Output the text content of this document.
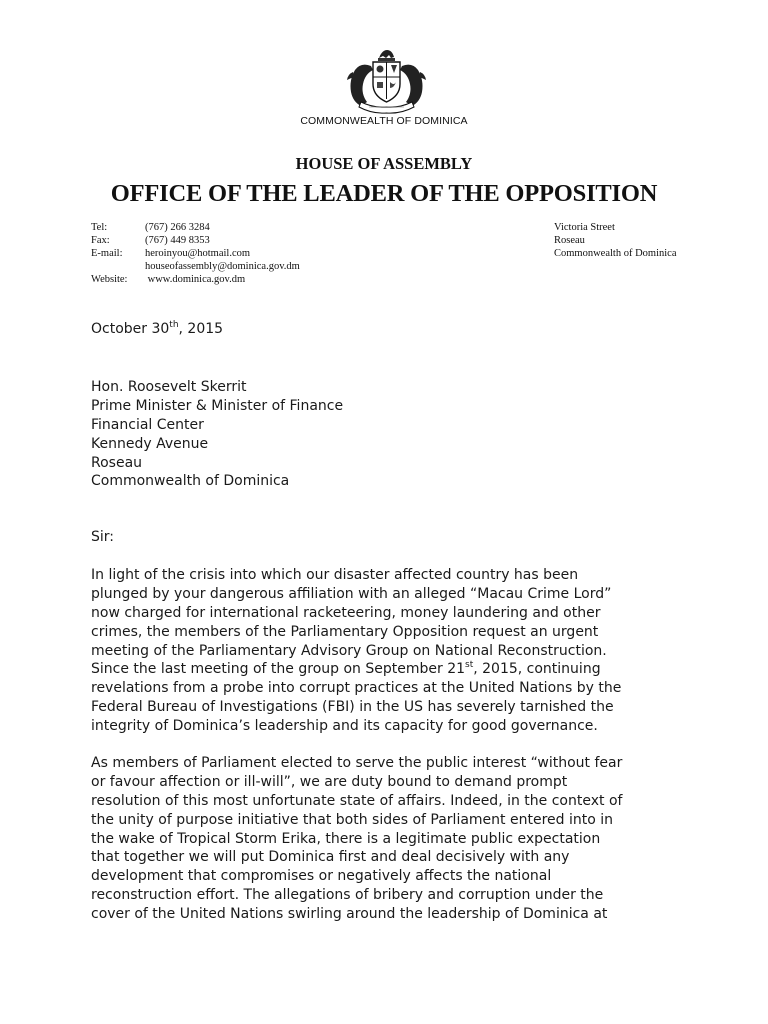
COMMONWEALTH OF DOMINICA
HOUSE OF ASSEMBLY
OFFICE OF THE LEADER OF THE OPPOSITION
Tel:	(767) 266 3284
Fax:	(767) 449 8353
E-mail:	heroinyou@hotmail.com
houseofassembly@dominica.gov.dm
Website:	www.dominica.gov.dm
Victoria Street
Roseau
Commonwealth of Dominica
October 30th, 2015
Hon. Roosevelt Skerrit
Prime Minister & Minister of Finance
Financial Center
Kennedy Avenue
Roseau
Commonwealth of Dominica
Sir:
In light of the crisis into which our disaster affected country has been
plunged by your dangerous affiliation with an alleged “Macau Crime Lord”
now charged for international racketeering, money laundering and other
crimes, the members of the Parliamentary Opposition request an urgent
meeting of the Parliamentary Advisory Group on National Reconstruction.
Since the last meeting of the group on September 21st, 2015, continuing
revelations from a probe into corrupt practices at the United Nations by the
Federal Bureau of Investigations (FBI) in the US has severely tarnished the
integrity of Dominica’s leadership and its capacity for good governance.
As members of Parliament elected to serve the public interest “without fear
or favour affection or ill-will”, we are duty bound to demand prompt
resolution of this most unfortunate state of affairs. Indeed, in the context of
the unity of purpose initiative that both sides of Parliament entered into in
the wake of Tropical Storm Erika, there is a legitimate public expectation
that together we will put Dominica first and deal decisively with any
development that compromises or negatively affects the national
reconstruction effort. The allegations of bribery and corruption under the
cover of the United Nations swirling around the leadership of Dominica at
